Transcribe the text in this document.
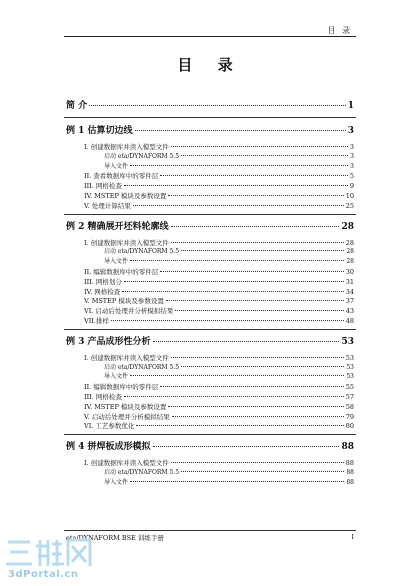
目 录
目 录
简 介	1
例 1 估算切边线	3
I. 创建数据库并读入模型文件	3
启动 eta/DYNAFORM 5.5	3
导入文件	3
II. 查看数据库中的零件层	5
III. 网格检查	9
IV. MSTEP 模块及参数设置	10
V. 处理计算结果	25
例 2 精确展开坯料轮廓线	28
I. 创建数据库并读入模型文件	28
启动 eta/DYNAFORM 5.5	28
导入文件	28
II. 编辑数据库中的零件层	30
III. 网格划分	31
IV. 网格检查	34
V. MSTEP 模块及参数设置	37
VI. 启动后处理并分析模拟结果	43
VII.排样	48
例 3 产品成形性分析	53
I. 创建数据库并读入模型文件	53
启动 eta/DYNAFORM 5.5	53
导入文件	53
II. 编辑数据库中的零件层	55
III. 网格检查	57
IV. MSTEP 模块及参数设置	58
V. 启动后处理并分析模拟结果	79
VI. 工艺参数优化	80
例 4 拼焊板成形模拟	88
I. 创建数据库并读入模型文件	88
启动 eta/DYNAFORM 5.5	88
导入文件	88
eta/DYNAFORM BSE 训练手册	I
3dPortal.cn
